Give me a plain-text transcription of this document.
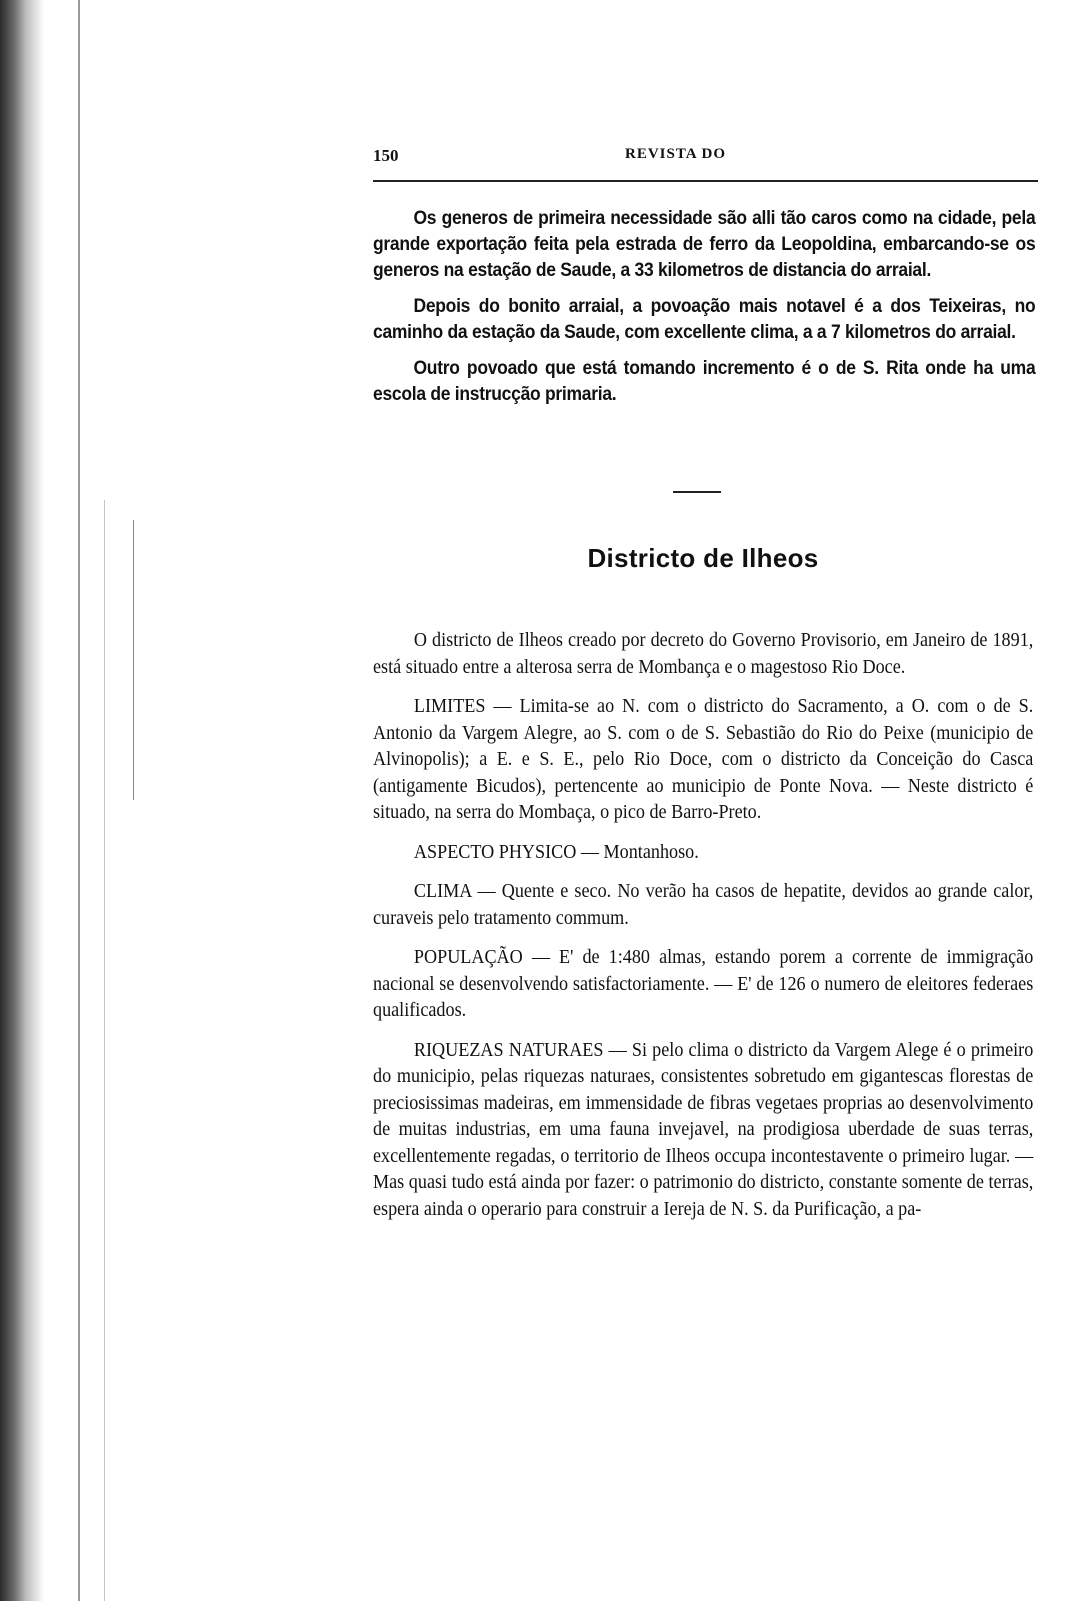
150	REVISTA DO

Os generos de primeira necessidade são alli tão caros como na cidade, pela grande exportação feita pela estrada de ferro da Leopoldina, embarcando-se os generos na estação de Saude, a 33 kilometros de distancia do arraial.

Depois do bonito arraial, a povoação mais notavel é a dos Teixeiras, no caminho da estação da Saude, com excellente clima, a a 7 kilometros do arraial.

Outro povoado que está tomando incremento é o de S. Rita onde ha uma escola de instrucção primaria.

Districto de Ilheos

O districto de Ilheos creado por decreto do Governo Provisorio, em Janeiro de 1891, está situado entre a alterosa serra de Mombança e o magestoso Rio Doce.

LIMITES — Limita-se ao N. com o districto do Sacramento, a O. com o de S. Antonio da Vargem Alegre, ao S. com o de S. Sebastião do Rio do Peixe (municipio de Alvinopolis); a E. e S. E., pelo Rio Doce, com o districto da Conceição do Casca (antigamente Bicudos), pertencente ao municipio de Ponte Nova. — Neste districto é situado, na serra do Mombaça, o pico de Barro-Preto.

ASPECTO PHYSICO — Montanhoso.

CLIMA — Quente e seco. No verão ha casos de hepatite, devidos ao grande calor, curaveis pelo tratamento commum.

POPULAÇÃO — E' de 1:480 almas, estando porem a corrente de immigração nacional se desenvolvendo satisfactoriamente. — E' de 126 o numero de eleitores federaes qualificados.

RIQUEZAS NATURAES — Si pelo clima o districto da Vargem Alege é o primeiro do municipio, pelas riquezas naturaes, consistentes sobretudo em gigantescas florestas de preciosissimas madeiras, em immensidade de fibras vegetaes proprias ao desenvolvimento de muitas industrias, em uma fauna invejavel, na prodigiosa uberdade de suas terras, excellentemente regadas, o territorio de Ilheos occupa incontestavente o primeiro lugar. — Mas quasi tudo está ainda por fazer: o patrimonio do districto, constante somente de terras, espera ainda o operario para construir a Ierejа de N. S. da Purificação, a pa-
